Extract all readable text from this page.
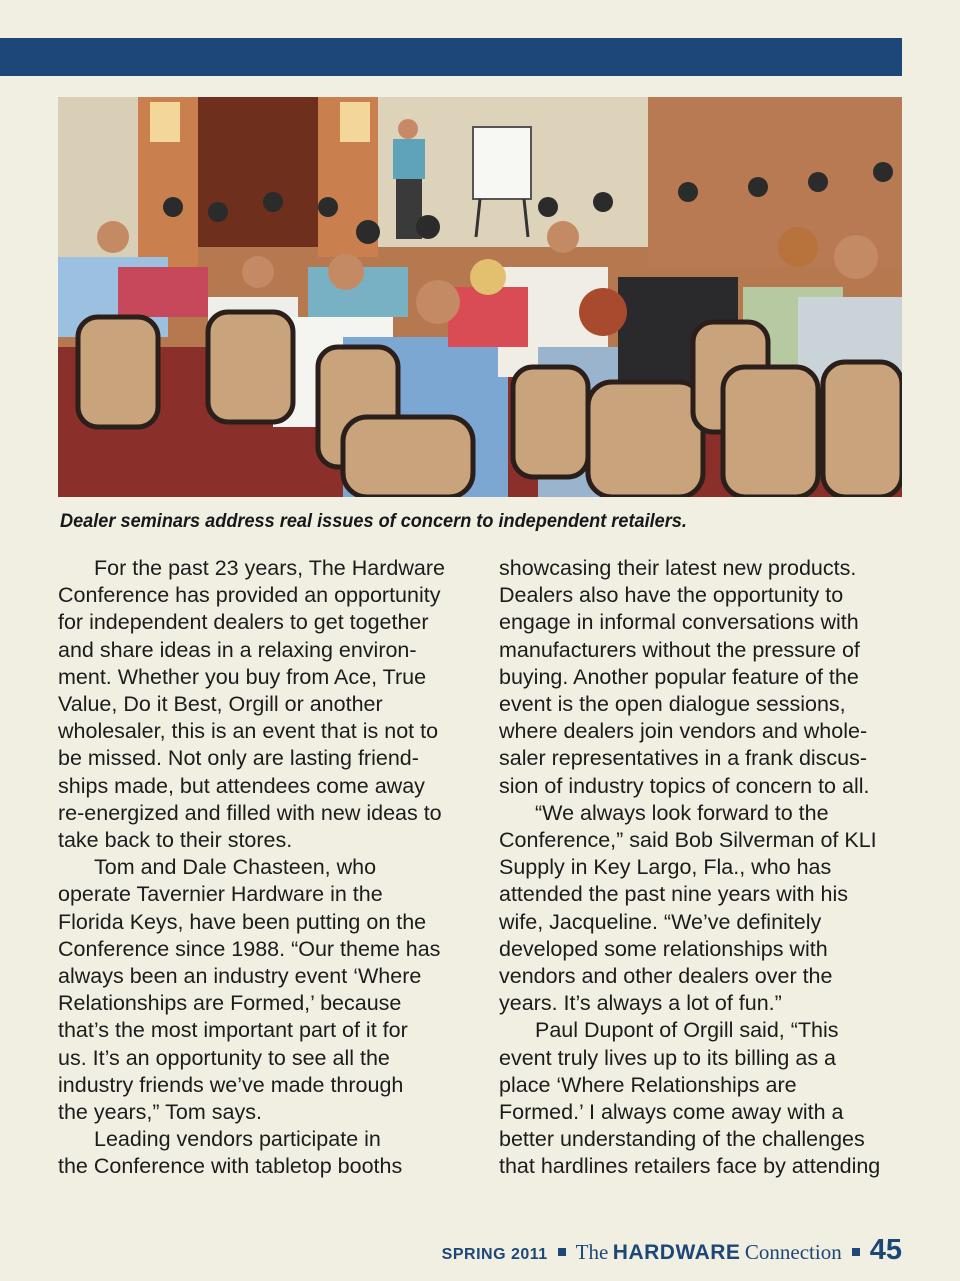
Dealer seminars address real issues of concern to independent retailers.

For the past 23 years, The Hardware
Conference has provided an opportunity
for independent dealers to get together
and share ideas in a relaxing environ-
ment. Whether you buy from Ace, True
Value, Do it Best, Orgill or another
wholesaler, this is an event that is not to
be missed. Not only are lasting friend-
ships made, but attendees come away
re-energized and filled with new ideas to
take back to their stores.

Tom and Dale Chasteen, who
operate Tavernier Hardware in the
Florida Keys, have been putting on the
Conference since 1988. “Our theme has
always been an industry event ‘Where
Relationships are Formed,’ because
that’s the most important part of it for
us. It’s an opportunity to see all the
industry friends we’ve made through
the years,” Tom says.

Leading vendors participate in
the Conference with tabletop booths

showcasing their latest new products.
Dealers also have the opportunity to
engage in informal conversations with
manufacturers without the pressure of
buying. Another popular feature of the
event is the open dialogue sessions,
where dealers join vendors and whole-
saler representatives in a frank discus-
sion of industry topics of concern to all.

“We always look forward to the
Conference,” said Bob Silverman of KLI
Supply in Key Largo, Fla., who has
attended the past nine years with his
wife, Jacqueline. “We’ve definitely
developed some relationships with
vendors and other dealers over the
years. It’s always a lot of fun.”

Paul Dupont of Orgill said, “This
event truly lives up to its billing as a
place ‘Where Relationships are
Formed.’ I always come away with a
better understanding of the challenges
that hardlines retailers face by attending

SPRING 2011 The HARDWARE Connection 45
